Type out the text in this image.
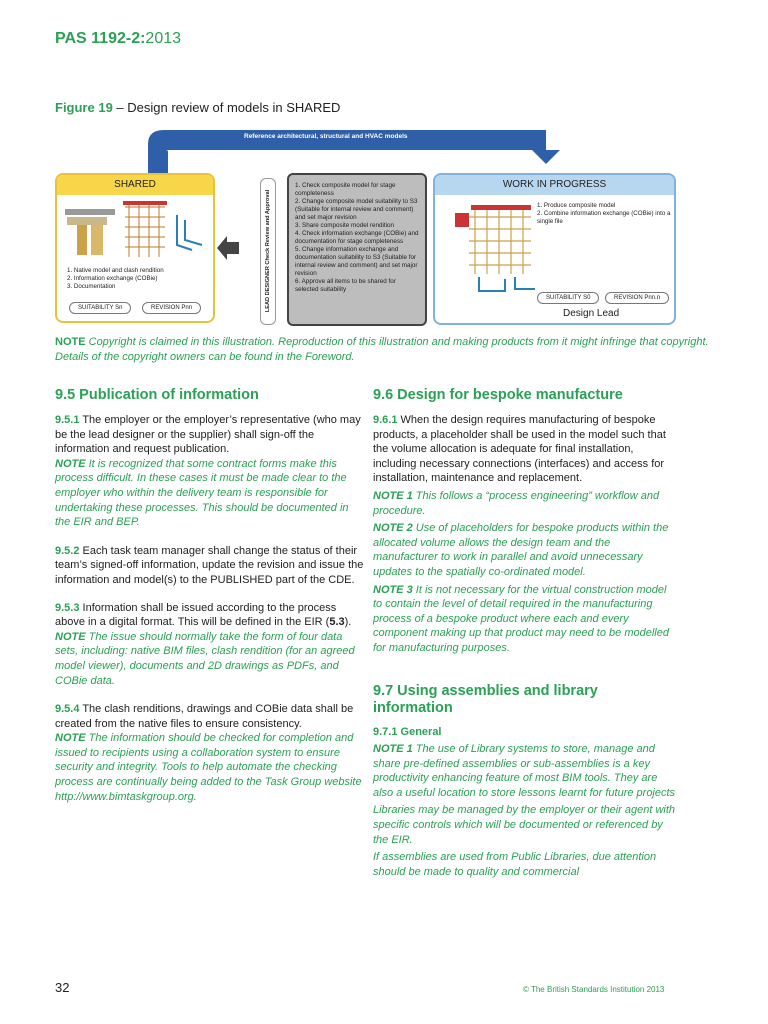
PAS 1192-2:2013
Figure 19 – Design review of models in SHARED
Reference architectural, structural and HVAC models
SHARED
1. Native model and clash rendition
2. Information exchange (COBie)
3. Documentation
SUITABILITY Sn	REVISION Pnn	LEAD DESIGNER Check Review and Approval
1. Check composite model for stage completeness
2. Change composite model suitability to S3 (Suitable for internal review and comment) and set major revision
3. Share composite model rendition
4. Check information exchange (COBie) and documentation for stage completeness
5. Change information exchange and documentation suitability to S3 (Suitable for internal review and comment) and set major revision
6. Approve all items to be shared for selected suitability
WORK IN PROGRESS
1. Produce composite model
2. Combine information exchange (COBie) into a single file
SUITABILITY S0	REVISION Pnn.n
Design Lead
NOTE Copyright is claimed in this illustration. Reproduction of this illustration and making products from it might infringe that copyright. Details of the copyright owners can be found in the Foreword.
9.5 Publication of information

9.5.1 The employer or the employer’s representative (who may be the lead designer or the supplier) shall sign-off the information and request publication.

NOTE It is recognized that some contract forms make this process difficult. In these cases it must be made clear to the employer who within the delivery team is responsible for undertaking these processes. This should be documented in the EIR and BEP.

9.5.2 Each task team manager shall change the status of their team’s signed-off information, update the revision and issue the information and model(s) to the PUBLISHED part of the CDE.

9.5.3 Information shall be issued according to the process above in a digital format. This will be defined in the EIR (5.3).

NOTE The issue should normally take the form of four data sets, including: native BIM files, clash rendition (for an agreed model viewer), documents and 2D drawings as PDFs, and COBie data.

9.5.4 The clash renditions, drawings and COBie data shall be created from the native files to ensure consistency.

NOTE The information should be checked for completion and issued to recipients using a collaboration system to ensure security and integrity. Tools to help automate the checking process are continually being added to the Task Group website http://www.bimtaskgroup.org.

9.6 Design for bespoke manufacture

9.6.1 When the design requires manufacturing of bespoke products, a placeholder shall be used in the model such that the volume allocation is adequate for final installation, including necessary connections (interfaces) and access for installation, maintenance and replacement.

NOTE 1 This follows a “process engineering” workflow and procedure.

NOTE 2 Use of placeholders for bespoke products within the allocated volume allows the design team and the manufacturer to work in parallel and avoid unnecessary updates to the spatially co-ordinated model.

NOTE 3 It is not necessary for the virtual construction model to contain the level of detail required in the manufacturing process of a bespoke product where each and every component making up that product may need to be modelled for manufacturing purposes.

9.7 Using assemblies and library information

9.7.1 General

NOTE 1 The use of Library systems to store, manage and share pre-defined assemblies or sub-assemblies is a key productivity enhancing feature of most BIM tools. They are also a useful location to store lessons learnt for future projects

Libraries may be managed by the employer or their agent with specific controls which will be documented or referenced by the EIR.

If assemblies are used from Public Libraries, due attention should be made to quality and commercial

32	© The British Standards Institution 2013
